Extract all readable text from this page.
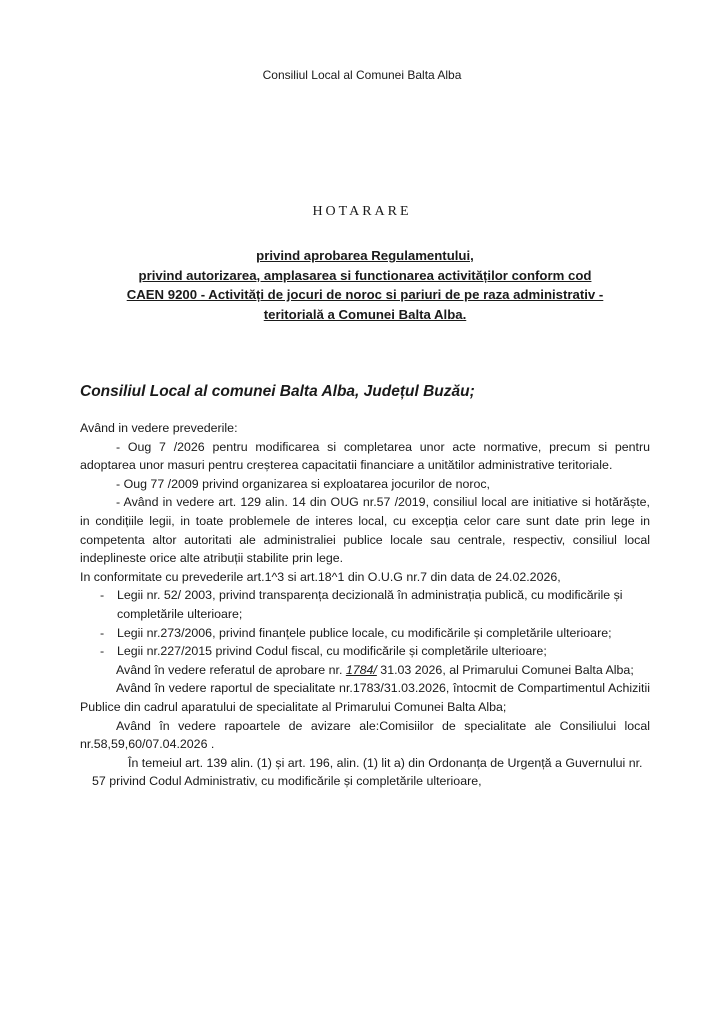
Consiliul Local al Comunei Balta Alba
HOTARARE
privind aprobarea Regulamentului,
privind autorizarea, amplasarea si functionarea activităților conform cod
CAEN 9200 - Activități de jocuri de noroc si pariuri de pe raza administrativ -
teritorială a Comunei Balta Alba.
Consiliul Local al comunei Balta Alba, Județul Buzău;

Având in vedere prevederile:

- Oug 7 /2026 pentru modificarea si completarea unor acte normative, precum si pentru adoptarea unor masuri pentru creșterea capacitatii financiare a unitătilor administrative teritoriale.

- Oug 77 /2009 privind organizarea si exploatarea jocurilor de noroc,

- Având in vedere art. 129 alin. 14 din OUG nr.57 /2019, consiliul local are initiative si hotărăște, in condițiile legii, in toate problemele de interes local, cu excepția celor care sunt date prin lege in competenta altor autoritati ale administraliei publice locale sau centrale, respectiv, consiliul local indeplineste orice alte atribuții stabilite prin lege.

In conformitate cu prevederile art.1^3 si art.18^1 din O.U.G nr.7 din data de 24.02.2026,

- Legii nr. 52/ 2003, privind transparența decizională în administrația publică, cu modificările și completările ulterioare;
- Legii nr.273/2006, privind finanțele publice locale, cu modificările și completările ulterioare;
- Legii nr.227/2015 privind Codul fiscal, cu modificările și completările ulterioare;

Având în vedere referatul de aprobare nr. 1784/ 31.03 2026, al Primarului Comunei Balta Alba;

Având în vedere raportul de specialitate nr.1783/31.03.2026, întocmit de Compartimentul Achizitii Publice din cadrul aparatului de specialitate al Primarului Comunei Balta Alba;

Având în vedere rapoartele de avizare ale:Comisiilor de specialitate ale Consiliului local nr.58,59,60/07.04.2026 .

În temeiul art. 139 alin. (1) și art. 196, alin. (1) lit a) din Ordonanța de Urgență a Guvernului nr. 57 privind Codul Administrativ, cu modificările și completările ulterioare,
